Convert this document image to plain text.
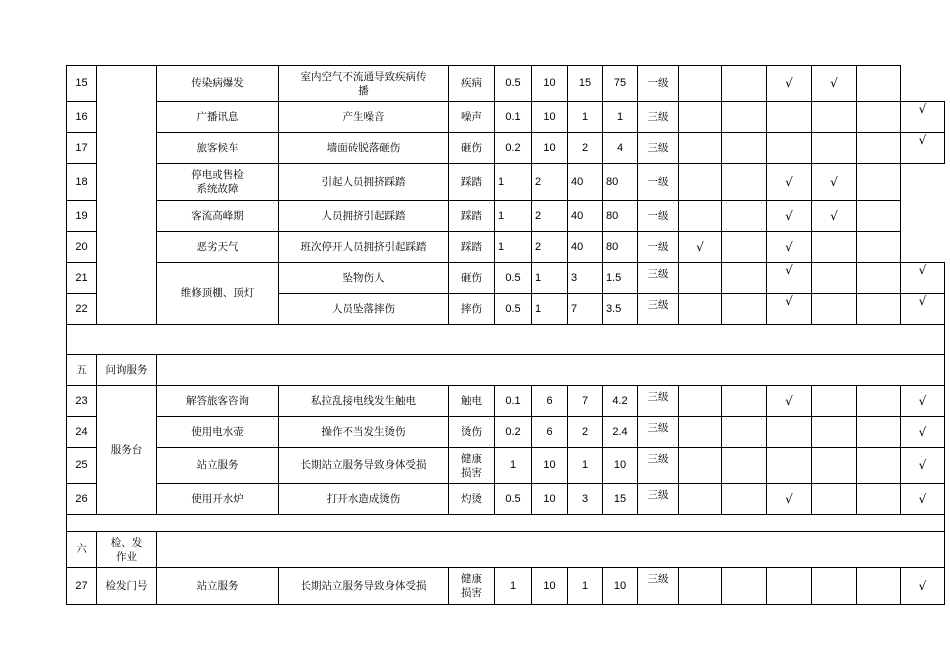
15		传染病爆发	室内空气不流通导致疾病传
播	疾病	0.5	10	15	75	一级			√	√		
16		广播讯息	产生噪音	噪声	0.1	10	1	1	三级						√
17		旅客候车	墙面砖脱落砸伤	砸伤	0.2	10	2	4	三级						√
18		停电或售检
系统故障	引起人员拥挤踩踏	踩踏	1	2	40	80	一级			√	√		
19		客流高峰期	人员拥挤引起踩踏	踩踏	1	2	40	80	一级			√	√		
20		恶劣天气	班次停开人员拥挤引起踩踏	踩踏	1	2	40	80	一级	√		√			
21		维修顶棚、顶灯	坠物伤人	砸伤	0.5	1	3	1.5	三级			√			√
22			人员坠落摔伤	摔伤	0.5	1	7	3.5	三级			√			√

五	问询服务														
23	服务台	解答旅客咨询	私拉乱接电线发生触电	触电	0.1	6	7	4.2	三级			√			√
24		使用电水壶	操作不当发生烫伤	烫伤	0.2	6	2	2.4	三级						√
25		站立服务	长期站立服务导致身体受损	健康
损害	1	10	1	10	三级						√
26		使用开水炉	打开水造成烫伤	灼烫	0.5	10	3	15	三级			√			√

六	检、发
作业														
27	检发门号	站立服务	长期站立服务导致身体受损	健康
损害	1	10	1	10	三级						√
